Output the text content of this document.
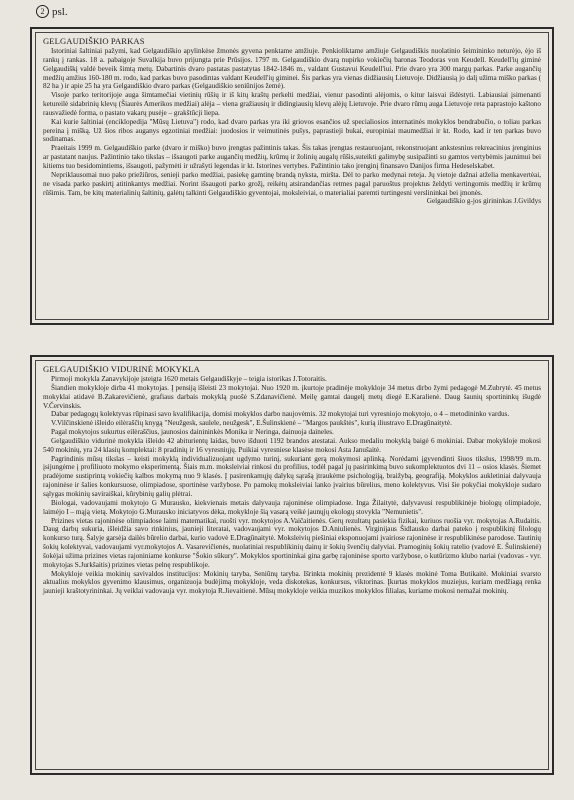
2 psl.
GELGAUDIŠKIO PARKAS

Istoriniai šaltiniai pažymi, kad Gelgaudiškio apylinkėse žmonės gyvena penktame amžiuje. Penkioliktame amžiuje Gelgaudiškis nuolatinio šeimininko neturėjo, ėjo iš rankų į rankas. 18 a. pabaigoje Suvalkija buvo prijungta prie Prūsijos. 1797 m. Gelgaudiškio dvarą nupirko vokiečių baronas Teodoras von Keudell. Keudell'ių giminė Gelgaudiškį valdė beveik šimtą metų. Dabartinis dvaro pastatas pastatytas 1842-1846 m., valdant Gustavui Keudell'iui. Prie dvaro yra 300 margų parkas. Parke augančių medžių amžius 160-180 m. rodo, kad parkas buvo pasodintas valdant Keudell'ių giminei. Šis parkas yra vienas didžiausių Lietuvoje. Didžiausią jo dalį užima miško parkas ( 82 ha ) ir apie 25 ha yra Gelgaudiškio dvaro parkas (Gelgaudiškio seniūnijos žemė).

Visoje parko teritorijoje auga šimtamečiai vietinių rūšių ir iš kitų kraštų perkelti medžiai, vienur pasodinti alėjomis, o kitur laisvai išdėstyti. Labiausiai įsimenanti ketureilė sidabrinių klevų (Šiaurės Amerikos medžiai) alėja – viena gražiausių ir didingiausių klevų alėjų Lietuvoje. Prie dvaro rūmų auga Lietuvoje reta paprastojo kaštono rausvažiedė forma, o pastato vakarų pusėje – grakštūcji liepa.

Kai kurie šaltiniai (enciklopedija "Mūsų Lietuva") rodo, kad dvaro parkas yra iki griovos esančios už specialiosios internatinės mokyklos bendrabučio, o toliau parkas pereina į mišką. Už šios ribos auganys egzotiniai medžiai: juodosios ir veimutinės pušys, paprastieji bukai, europiniai maumedžiai ir kt. Rodo, kad ir ten parkas buvo sodinamas.

Praeitais 1999 m. Gelgaudiškio parke (dvaro ir miško) buvo įrengtas pažintinis takas. Šis takas įrengtas restauruojant, rekonstruojant ankstesnius rekreacinius įrenginius ar pastatant naujus. Pažintinio tako tikslas – išsaugoti parke augančių medžių, krūmų ir žolinių augalų rūšis,suteikti galimybę susipažinti su gamtos vertybėmis jaunimui bei kitiems tuo besidomintiems, išsaugoti, pažymėti ir užrašyti legendas ir kt. Istorines vertybes. Pažintinio tako įrenginį finansavo Danijos firma Hedeselskabet.

Nepriklausomai nuo pako priežiūros, senieji parko medžiai, pasiekę gamtinę brandą nyksta, miršta. Dėl to parko medynai reteja. Jų vietoje dažnai atželia menkavertėai, ne visada parko paskirtį atitinkantys medžiai. Norint išsaugoti parko grožį, reikėtų atsirandančias retmes pagal paruoštus projektus želdyti vertingomis medžių ir krūmų rūšimis. Tam, be kitų materialinių šaltinių, galėtų talkinti Gelgaudiškio gyventojai, moksleiviai, o materialiai paremti turtingesni verslininkai bei įmonės.

Gelgaudiškio g-jos girininkas J.Gvildys

GELGAUDIŠKIO VIDURINĖ MOKYKLA

Pirmoji mokykla Zanavykijoje įsteigta 1620 metais Gelgaudiškyje – teigia istorikas J.Totoraitis.

Šiandien mokykloje dirba 41 mokytojas. Į pensiją išleisti 23 mokytojai. Nuo 1920 m. įkurtoje pradinėje mokykloje 34 metus dirbo žymi pedagogė M.Zubrytė. 45 metus mokyklai atidavė B.Zakarevičienė, grafiaus darbais mokyklą puošė S.Zdanavičienė. Meilę gamtai daugelį metų diegė E.Karalienė. Daug šaunių sportininkų išugdė V.Červinskis.

Dabar pedagogų kolektyvas rūpinasi savo kvalifikacija, domisi mokyklos darbo naujovėmis. 32 mokytojai turi vyresniojo mokytojo, o 4 – metodininko vardus.

V.Vilčinskienė išleido eilėraščių knygą "Neužgesk, saulele, neužgesk", E.Šulinskienė – "Margos paukštės", kurią iliustravo E.Dragūnaitytė.

Pagal mokytojos sukurtus eilėraščius, jaunosios dainininkės Monika ir Neringa, dainuoja daineles.

Gelgaudiškio vidurinė mokykla išleido 42 abiturientų laidas, buvo išduoti 1192 brandos atestatai. Aukso medaliu mokyklą baigė 6 mokiniai. Dabar mokykloje mokosi 540 mokinių, yra 24 klasių komplektai: 8 pradinių ir 16 vyresniųjų. Puikiai vyresniese klasėse mokosi Asta Janušaitė.

Pagrindinis mūsų tikslas – keisti mokyklą individualizuojant ugdymo turinį, sukuriant gerą mokymosi aplinką. Norėdami įgyvendinti šiuos tikslus, 1998/99 m.m. įsijungėme į profiliuoto mokymo eksperimentą. Šiais m.m. moksleiviai rinkosi du profilius, todėl pagal jų pasirinkimą buvo sukomplektuotos dvi 11 – osios klasės. Šiemet pradėjome sustiprintą vokiečių kalbos mokymą nuo 9 klasės. Į pasirenkamųjų dalykų sąrašą įtraukėme psichologiją, braižybą, geografiją. Mokyklos aukletiniai dalyvauja rajoninėse ir šalies konkursuose, olimpiadose, sportinėse varžybose. Po pamokų moksleiviai lanko įvairius būrelius, meno kolektyvus. Visi šie pokyčiai mokykloje sudaro sąlygas mokinių saviraiškai, kūrybinių galių plėtrai.

Biologai, vadovaujami mokytojo G Murausko, kiekvienais metais dalyvauja rajoninėse olimpiadose. Inga Žilaitytė, dalyvavusi respublikinėje biologų olimpiadoje, laimėjo I – mąją vietą. Mokytojo G.Murausko iniciatyvos dėka, mokykloje šią vasarą veikė jaunųjų ekologų stovykla "Nemunietis".

Prizines vietas rajoninėse olimpiadose laimi matematikai, ruošti vyr. mokytojos A.Vaičaitienės. Gerų rezultatų pasiekia fizikai, kuriuos ruošia vyr. mokytojas A.Rudaitis. Daug darbų sukuria, išleidžia savo rinkinius, jaunieji literatai, vadovaujami vyr. mokytojos D.Aniulienės. Virginijaus Šidlausko darbai pateko į respublikinį filologų konkurso turą. Šalyje garsėja dailės būrelio darbai, kurio vadovė E.Dragūnaitytė. Moksleivių piešiniai eksponuojami įvairiose rajoninėse ir respublikinėse parodose. Tautinių šokių kolektyvai, vadovaujami vyr.mokytojos A. Vasarevičienės, nuolatiniai respublikinių dainų ir šokių švenčių dalyviai. Pramoginių šokių ratelio (vadovė E. Šulinskienė) šokėjai užima prizines vietas rajoniniame konkurse "Šokio sūkury". Mokyklos sportininkai gina garbę rajoninėse sporto varžybose, o kutūrizmo klubo nariai (vadovas - vyr. mokytojas S.Jurkšaitis) prizines vietas pelnę respublikoje.

Mokykloje veikia mokinių savivaldos institucijos: Mokinių taryba, Seniūnų taryba. Išrinkta mokinių prezidentė 9 klasės mokinė Toma Butikaitė. Mokiniai svarsto aktualius mokyklos gyvenimo klausimus, organizuoja budėjimą mokykloje, veda diskotekas, konkursus, viktorinas. Įkurtas mokyklos muziejus, kuriam medžiagą renka jaunieji kraštotyrininkai. Jų veiklai vadovauja vyr. mokytoja R.Jievaitienė. Mūsų mokykloje veikia muzikos mokyklos filialas, kuriame mokosi nemažai mokinių.
